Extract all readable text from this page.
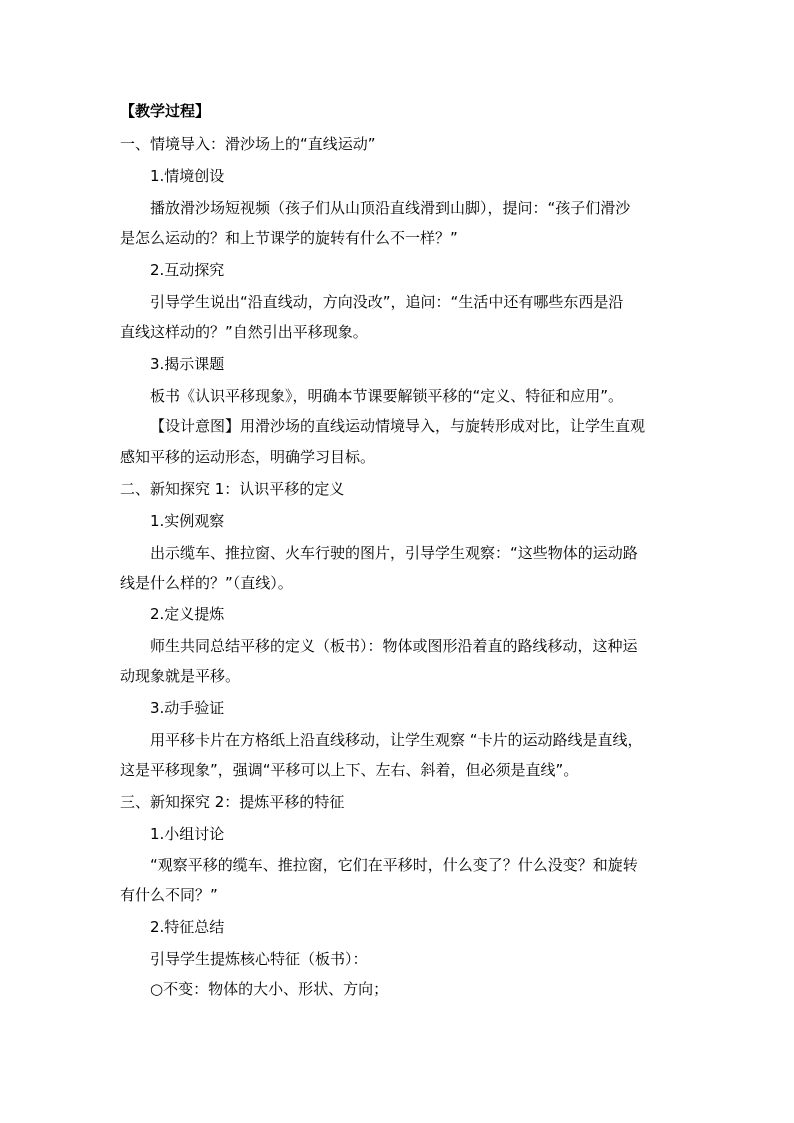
【教学过程】
一、情境导入：滑沙场上的“直线运动”
1.情境创设
播放滑沙场短视频（孩子们从山顶沿直线滑到山脚），提问：“孩子们滑沙
是怎么运动的？和上节课学的旋转有什么不一样？”
2.互动探究
引导学生说出“沿直线动，方向没改”，追问：“生活中还有哪些东西是沿
直线这样动的？”自然引出平移现象。
3.揭示课题
板书《认识平移现象》，明确本节课要解锁平移的“定义、特征和应用”。
【设计意图】用滑沙场的直线运动情境导入，与旋转形成对比，让学生直观
感知平移的运动形态，明确学习目标。
二、新知探究 1：认识平移的定义
1.实例观察
出示缆车、推拉窗、火车行驶的图片，引导学生观察：“这些物体的运动路
线是什么样的？”（直线）。
2.定义提炼
师生共同总结平移的定义（板书）：物体或图形沿着直的路线移动，这种运
动现象就是平移。
3.动手验证
用平移卡片在方格纸上沿直线移动，让学生观察 “卡片的运动路线是直线，
这是平移现象”，强调“平移可以上下、左右、斜着，但必须是直线”。
三、新知探究 2：提炼平移的特征
1.小组讨论
“观察平移的缆车、推拉窗，它们在平移时，什么变了？什么没变？和旋转
有什么不同？”
2.特征总结
引导学生提炼核心特征（板书）：
○不变：物体的大小、形状、方向；
